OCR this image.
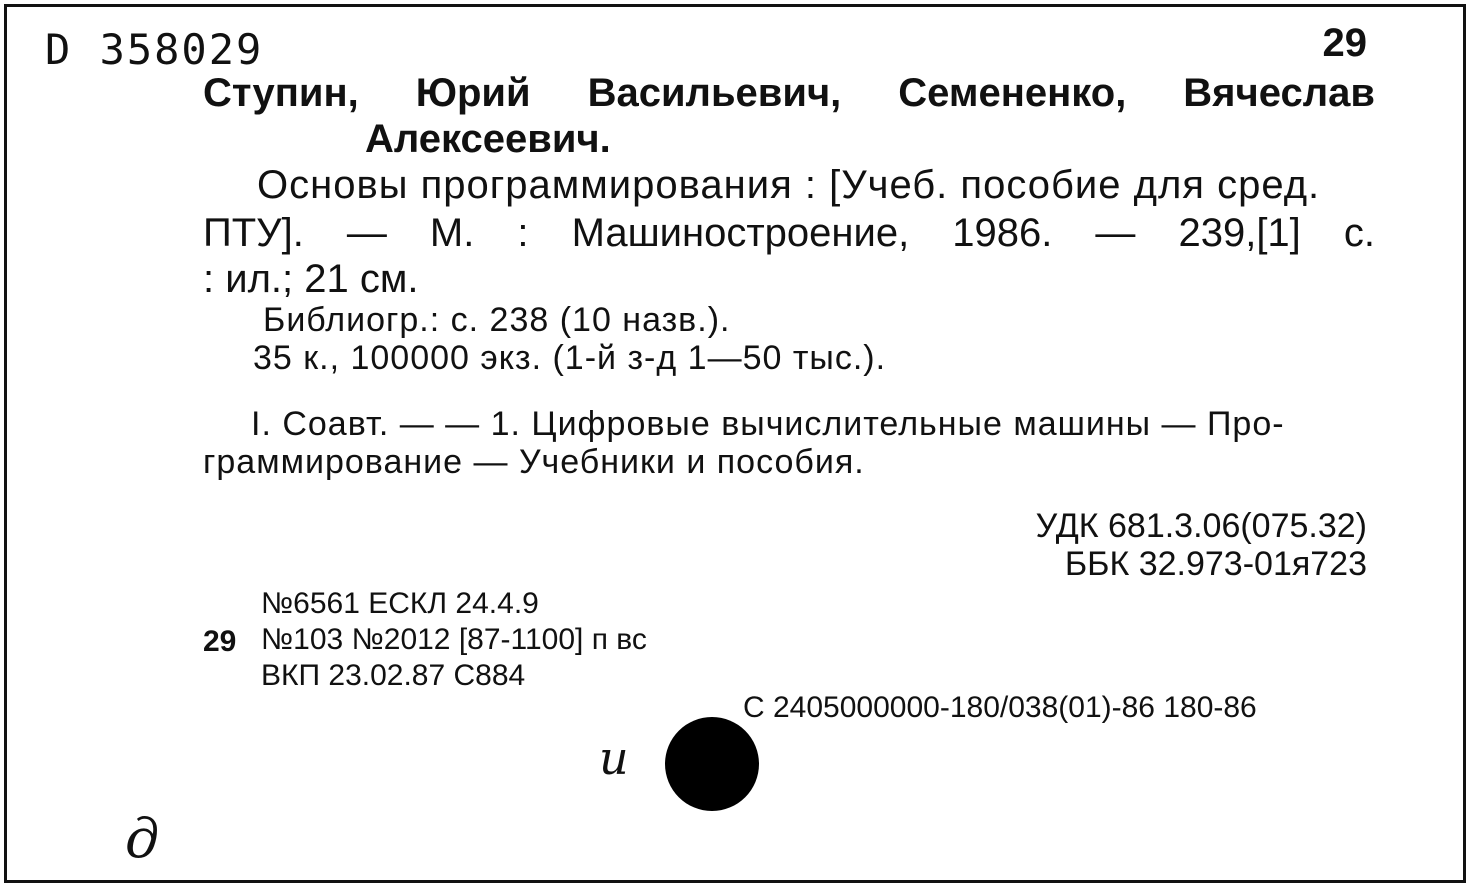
D 358029	29
Ступин, Юрий Васильевич, Семененко, Вячеслав
Алексеевич.
Основы программирования : [Учеб. пособие для сред.
ПТУ]. — М. : Машиностроение, 1986. — 239,[1] с.
: ил.; 21 см.
Библиогр.: с. 238 (10 назв.).
35 к., 100000 экз. (1-й з-д 1—50 тыс.).
I. Соавт. — — 1. Цифровые вычислительные машины — Про-
граммирование — Учебники и пособия.
УДК 681.3.06(075.32)
ББК 32.973-01я723
№6561 ЕСКЛ 24.4.9
29 №103 №2012 [87-1100] п вс
ВКП 23.02.87 С884
С 2405000000-180/038(01)-86 180-86
и
д
